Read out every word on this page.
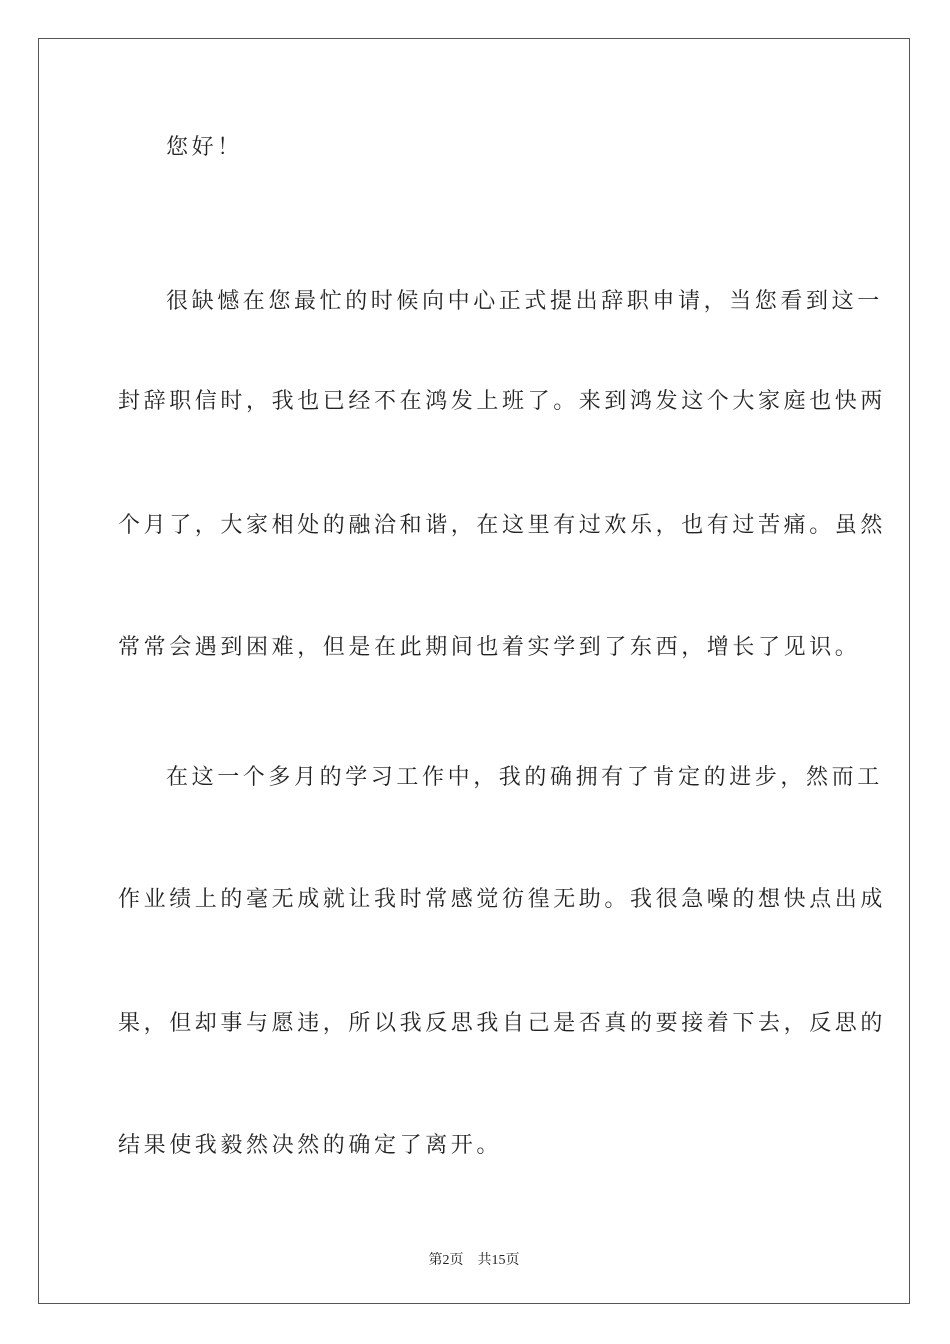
您好！
很缺憾在您最忙的时候向中心正式提出辞职申请，当您看到这一
封辞职信时，我也已经不在鸿发上班了。来到鸿发这个大家庭也快两
个月了，大家相处的融洽和谐，在这里有过欢乐，也有过苦痛。虽然
常常会遇到困难，但是在此期间也着实学到了东西，增长了见识。
在这一个多月的学习工作中，我的确拥有了肯定的进步，然而工
作业绩上的毫无成就让我时常感觉彷徨无助。我很急噪的想快点出成
果，但却事与愿违，所以我反思我自己是否真的要接着下去，反思的
结果使我毅然决然的确定了离开。
第2页 共15页
